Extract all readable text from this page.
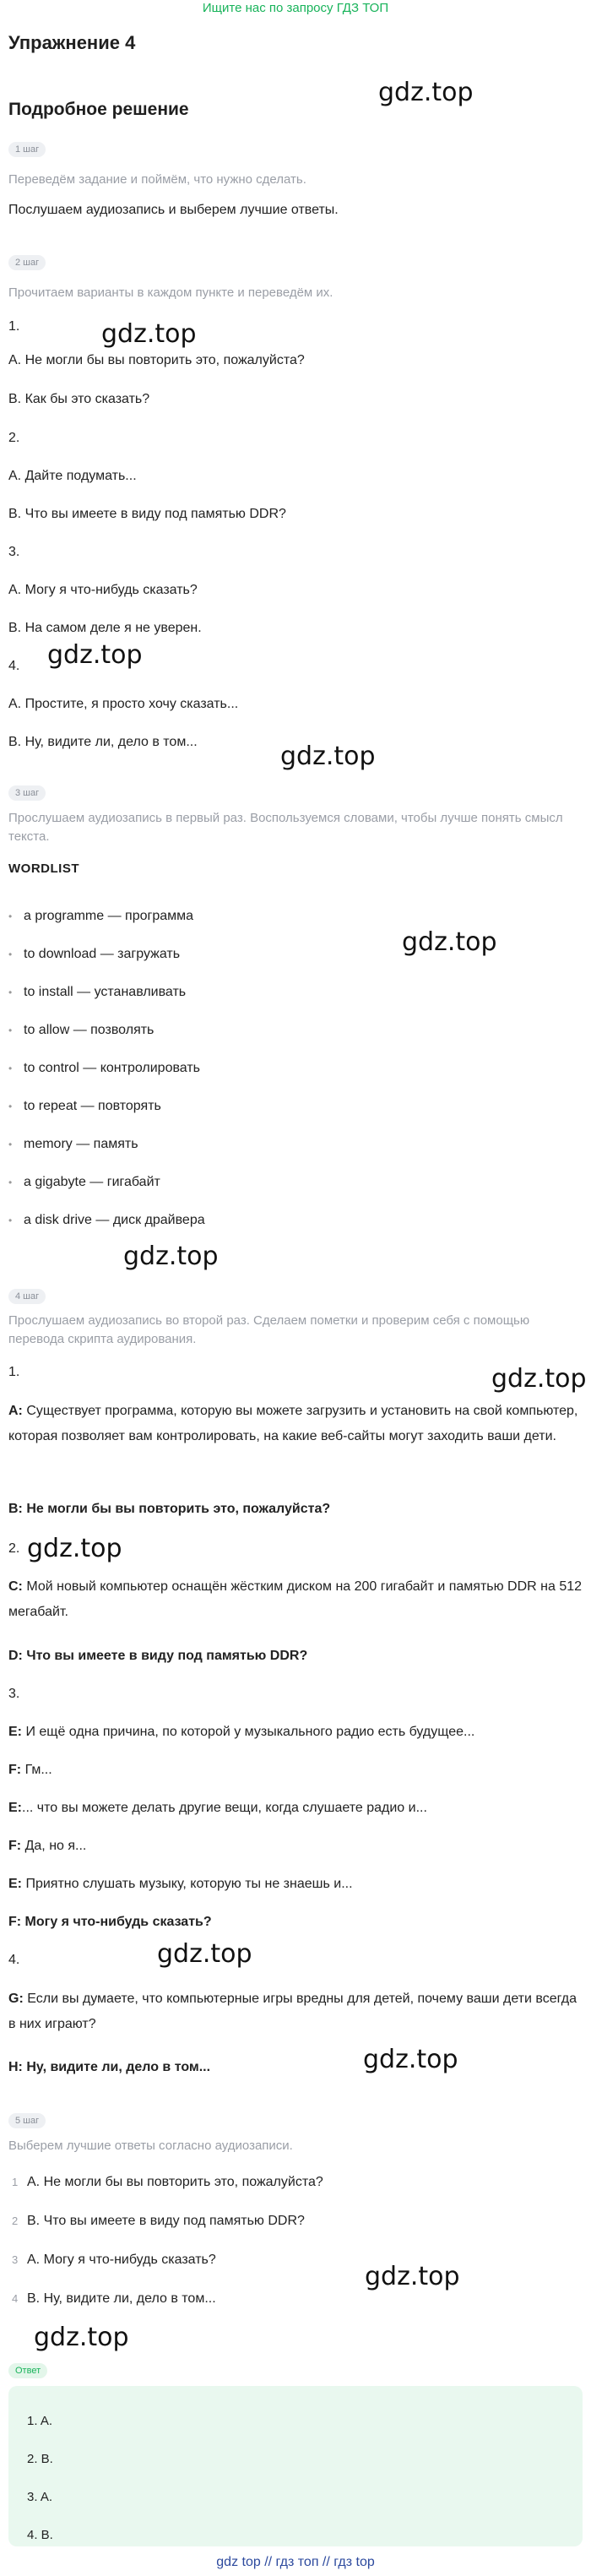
Ищите нас по запросу ГДЗ ТОП
Упражнение 4
Подробное решение
gdz.top
gdz.top
gdz.top
gdz.top
gdz.top
gdz.top
gdz.top
gdz.top
gdz.top
gdz.top
gdz.top
gdz.top
1 шаг
Переведём задание и поймём, что нужно сделать.
Послушаем аудиозапись и выберем лучшие ответы.
2 шаг
Прочитаем варианты в каждом пункте и переведём их.
1.
A. Не могли бы вы повторить это, пожалуйста?
B. Как бы это сказать?
2.
A. Дайте подумать...
B. Что вы имеете в виду под памятью DDR?
3.
A. Могу я что-нибудь сказать?
B. На самом деле я не уверен.
4.
A. Простите, я просто хочу сказать...
B. Ну, видите ли, дело в том...
3 шаг
Прослушаем аудиозапись в первый раз. Воспользуемся словами, чтобы лучше понять смысл текста.
WORDLIST
• a programme — программа
• to download — загружать
• to install — устанавливать
• to allow — позволять
• to control — контролировать
• to repeat — повторять
• memory — память
• a gigabyte — гигабайт
• a disk drive — диск драйвера
4 шаг
Прослушаем аудиозапись во второй раз. Сделаем пометки и проверим себя с помощью перевода скрипта аудирования.
1.
A: Существует программа, которую вы можете загрузить и установить на свой компьютер, которая позволяет вам контролировать, на какие веб-сайты могут заходить ваши дети.
B: Не могли бы вы повторить это, пожалуйста?
2.
C: Мой новый компьютер оснащён жёстким диском на 200 гигабайт и памятью DDR на 512 мегабайт.
D: Что вы имеете в виду под памятью DDR?
3.
E: И ещё одна причина, по которой у музыкального радио есть будущее...
F: Гм...
E:... что вы можете делать другие вещи, когда слушаете радио и...
F: Да, но я...
E: Приятно слушать музыку, которую ты не знаешь и...
F: Могу я что-нибудь сказать?
4.
G: Если вы думаете, что компьютерные игры вредны для детей, почему ваши дети всегда в них играют?
H: Ну, видите ли, дело в том...
5 шаг
Выберем лучшие ответы согласно аудиозаписи.
1 A. Не могли бы вы повторить это, пожалуйста?
2 B. Что вы имеете в виду под памятью DDR?
3 A. Могу я что-нибудь сказать?
4 B. Ну, видите ли, дело в том...
Ответ
1. A.
2. B.
3. A.
4. B.
gdz top // гдз топ // гдз top
